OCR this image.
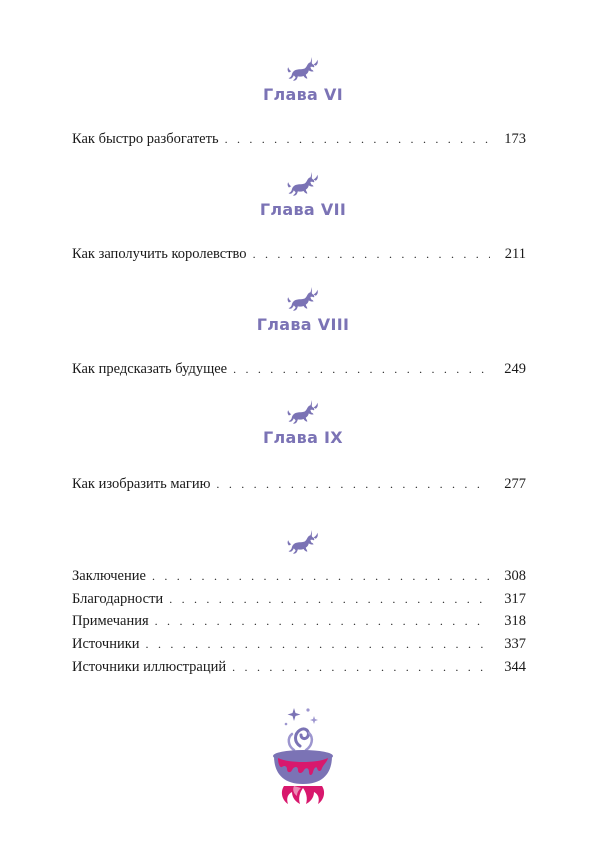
Глава VI
Как быстро разбогатеть . . .	173
Глава VII
Как заполучить королевство . . .	211
Глава VIII
Как предсказать будущее . . .	249
Глава IX
Как изобразить магию . . .	277
Заключение . . .	308
Благодарности . . .	317
Примечания . . .	318
Источники . . .	337
Источники иллюстраций . . .	344
